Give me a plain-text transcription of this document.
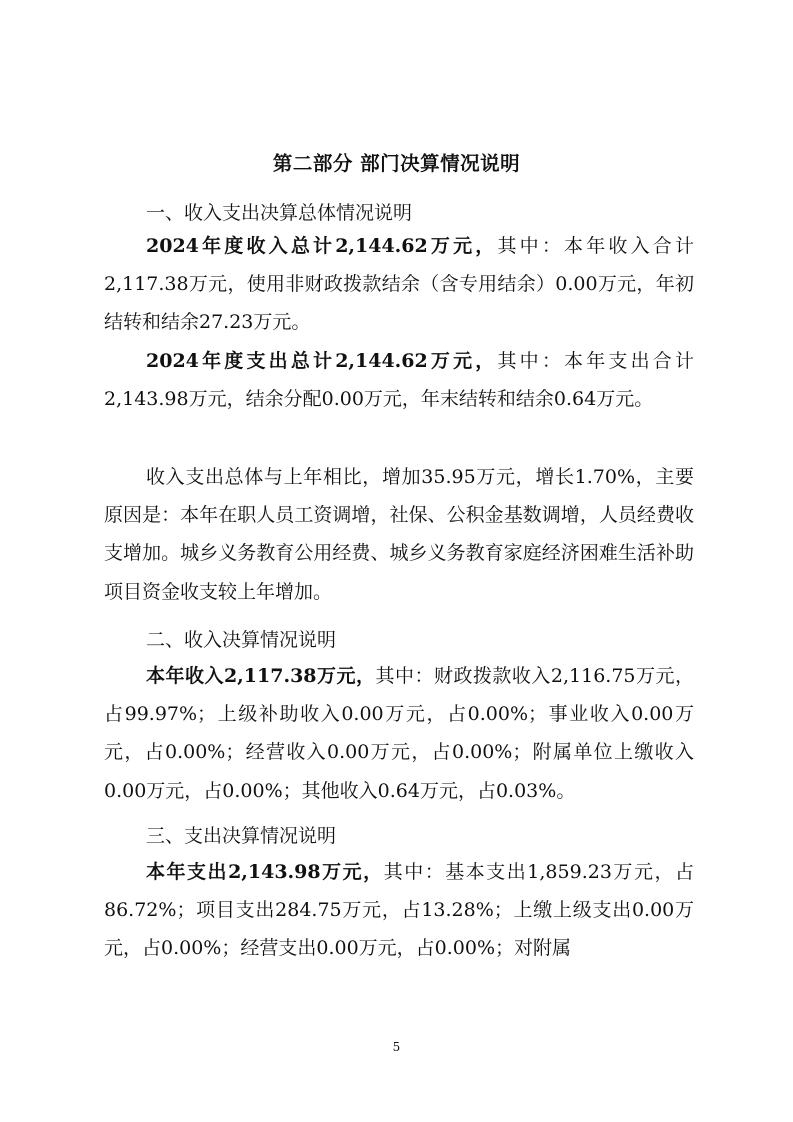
第二部分 部门决算情况说明
一、收入支出决算总体情况说明

2024年度收入总计2,144.62万元，其中：本年收入合计2,117.38万元，使用非财政拨款结余（含专用结余）0.00万元，年初结转和结余27.23万元。

2024年度支出总计2,144.62万元，其中：本年支出合计2,143.98万元，结余分配0.00万元，年末结转和结余0.64万元。

收入支出总体与上年相比，增加35.95万元，增长1.70%，主要原因是：本年在职人员工资调增，社保、公积金基数调增，人员经费收支增加。城乡义务教育公用经费、城乡义务教育家庭经济困难生活补助项目资金收支较上年增加。

二、收入决算情况说明

本年收入2,117.38万元，其中：财政拨款收入2,116.75万元，占99.97%；上级补助收入0.00万元，占0.00%；事业收入0.00万元，占0.00%；经营收入0.00万元，占0.00%；附属单位上缴收入0.00万元，占0.00%；其他收入0.64万元，占0.03%。

三、支出决算情况说明

本年支出2,143.98万元，其中：基本支出1,859.23万元，占86.72%；项目支出284.75万元，占13.28%；上缴上级支出0.00万元，占0.00%；经营支出0.00万元，占0.00%；对附属

5
